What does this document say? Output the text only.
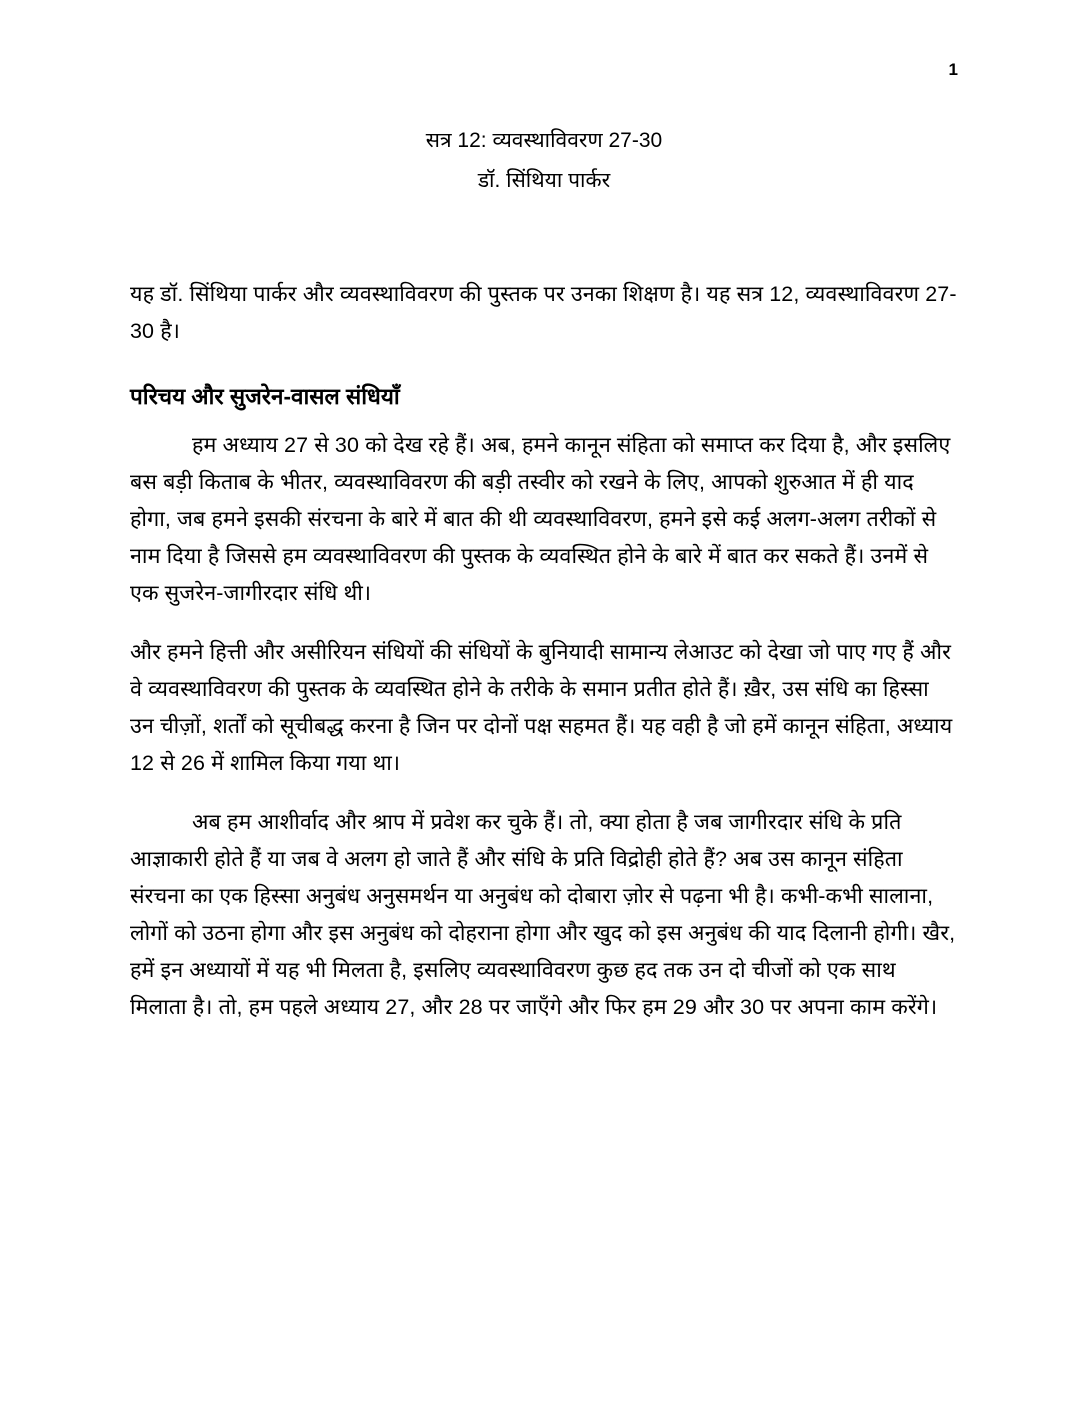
1
सत्र 12: व्यवस्थाविवरण 27-30

डॉ. सिंथिया पार्कर

यह डॉ. सिंथिया पार्कर और व्यवस्थाविवरण की पुस्तक पर उनका शिक्षण है। यह सत्र 12, व्यवस्थाविवरण 27-30 है।

परिचय और सुजरेन-वासल संधियाँ

हम अध्याय 27 से 30 को देख रहे हैं। अब, हमने कानून संहिता को समाप्त कर दिया है, और इसलिए बस बड़ी किताब के भीतर, व्यवस्थाविवरण की बड़ी तस्वीर को रखने के लिए, आपको शुरुआत में ही याद होगा, जब हमने इसकी संरचना के बारे में बात की थी व्यवस्थाविवरण, हमने इसे कई अलग-अलग तरीकों से नाम दिया है जिससे हम व्यवस्थाविवरण की पुस्तक के व्यवस्थित होने के बारे में बात कर सकते हैं। उनमें से एक सुजरेन-जागीरदार संधि थी।

और हमने हित्ती और असीरियन संधियों की संधियों के बुनियादी सामान्य लेआउट को देखा जो पाए गए हैं और वे व्यवस्थाविवरण की पुस्तक के व्यवस्थित होने के तरीके के समान प्रतीत होते हैं। ख़ैर, उस संधि का हिस्सा उन चीज़ों, शर्तों को सूचीबद्ध करना है जिन पर दोनों पक्ष सहमत हैं। यह वही है जो हमें कानून संहिता, अध्याय 12 से 26 में शामिल किया गया था।

अब हम आशीर्वाद और श्राप में प्रवेश कर चुके हैं। तो, क्या होता है जब जागीरदार संधि के प्रति आज्ञाकारी होते हैं या जब वे अलग हो जाते हैं और संधि के प्रति विद्रोही होते हैं? अब उस कानून संहिता संरचना का एक हिस्सा अनुबंध अनुसमर्थन या अनुबंध को दोबारा ज़ोर से पढ़ना भी है। कभी-कभी सालाना, लोगों को उठना होगा और इस अनुबंध को दोहराना होगा और खुद को इस अनुबंध की याद दिलानी होगी। खैर, हमें इन अध्यायों में यह भी मिलता है, इसलिए व्यवस्थाविवरण कुछ हद तक उन दो चीजों को एक साथ मिलाता है। तो, हम पहले अध्याय 27, और 28 पर जाएँगे और फिर हम 29 और 30 पर अपना काम करेंगे।
